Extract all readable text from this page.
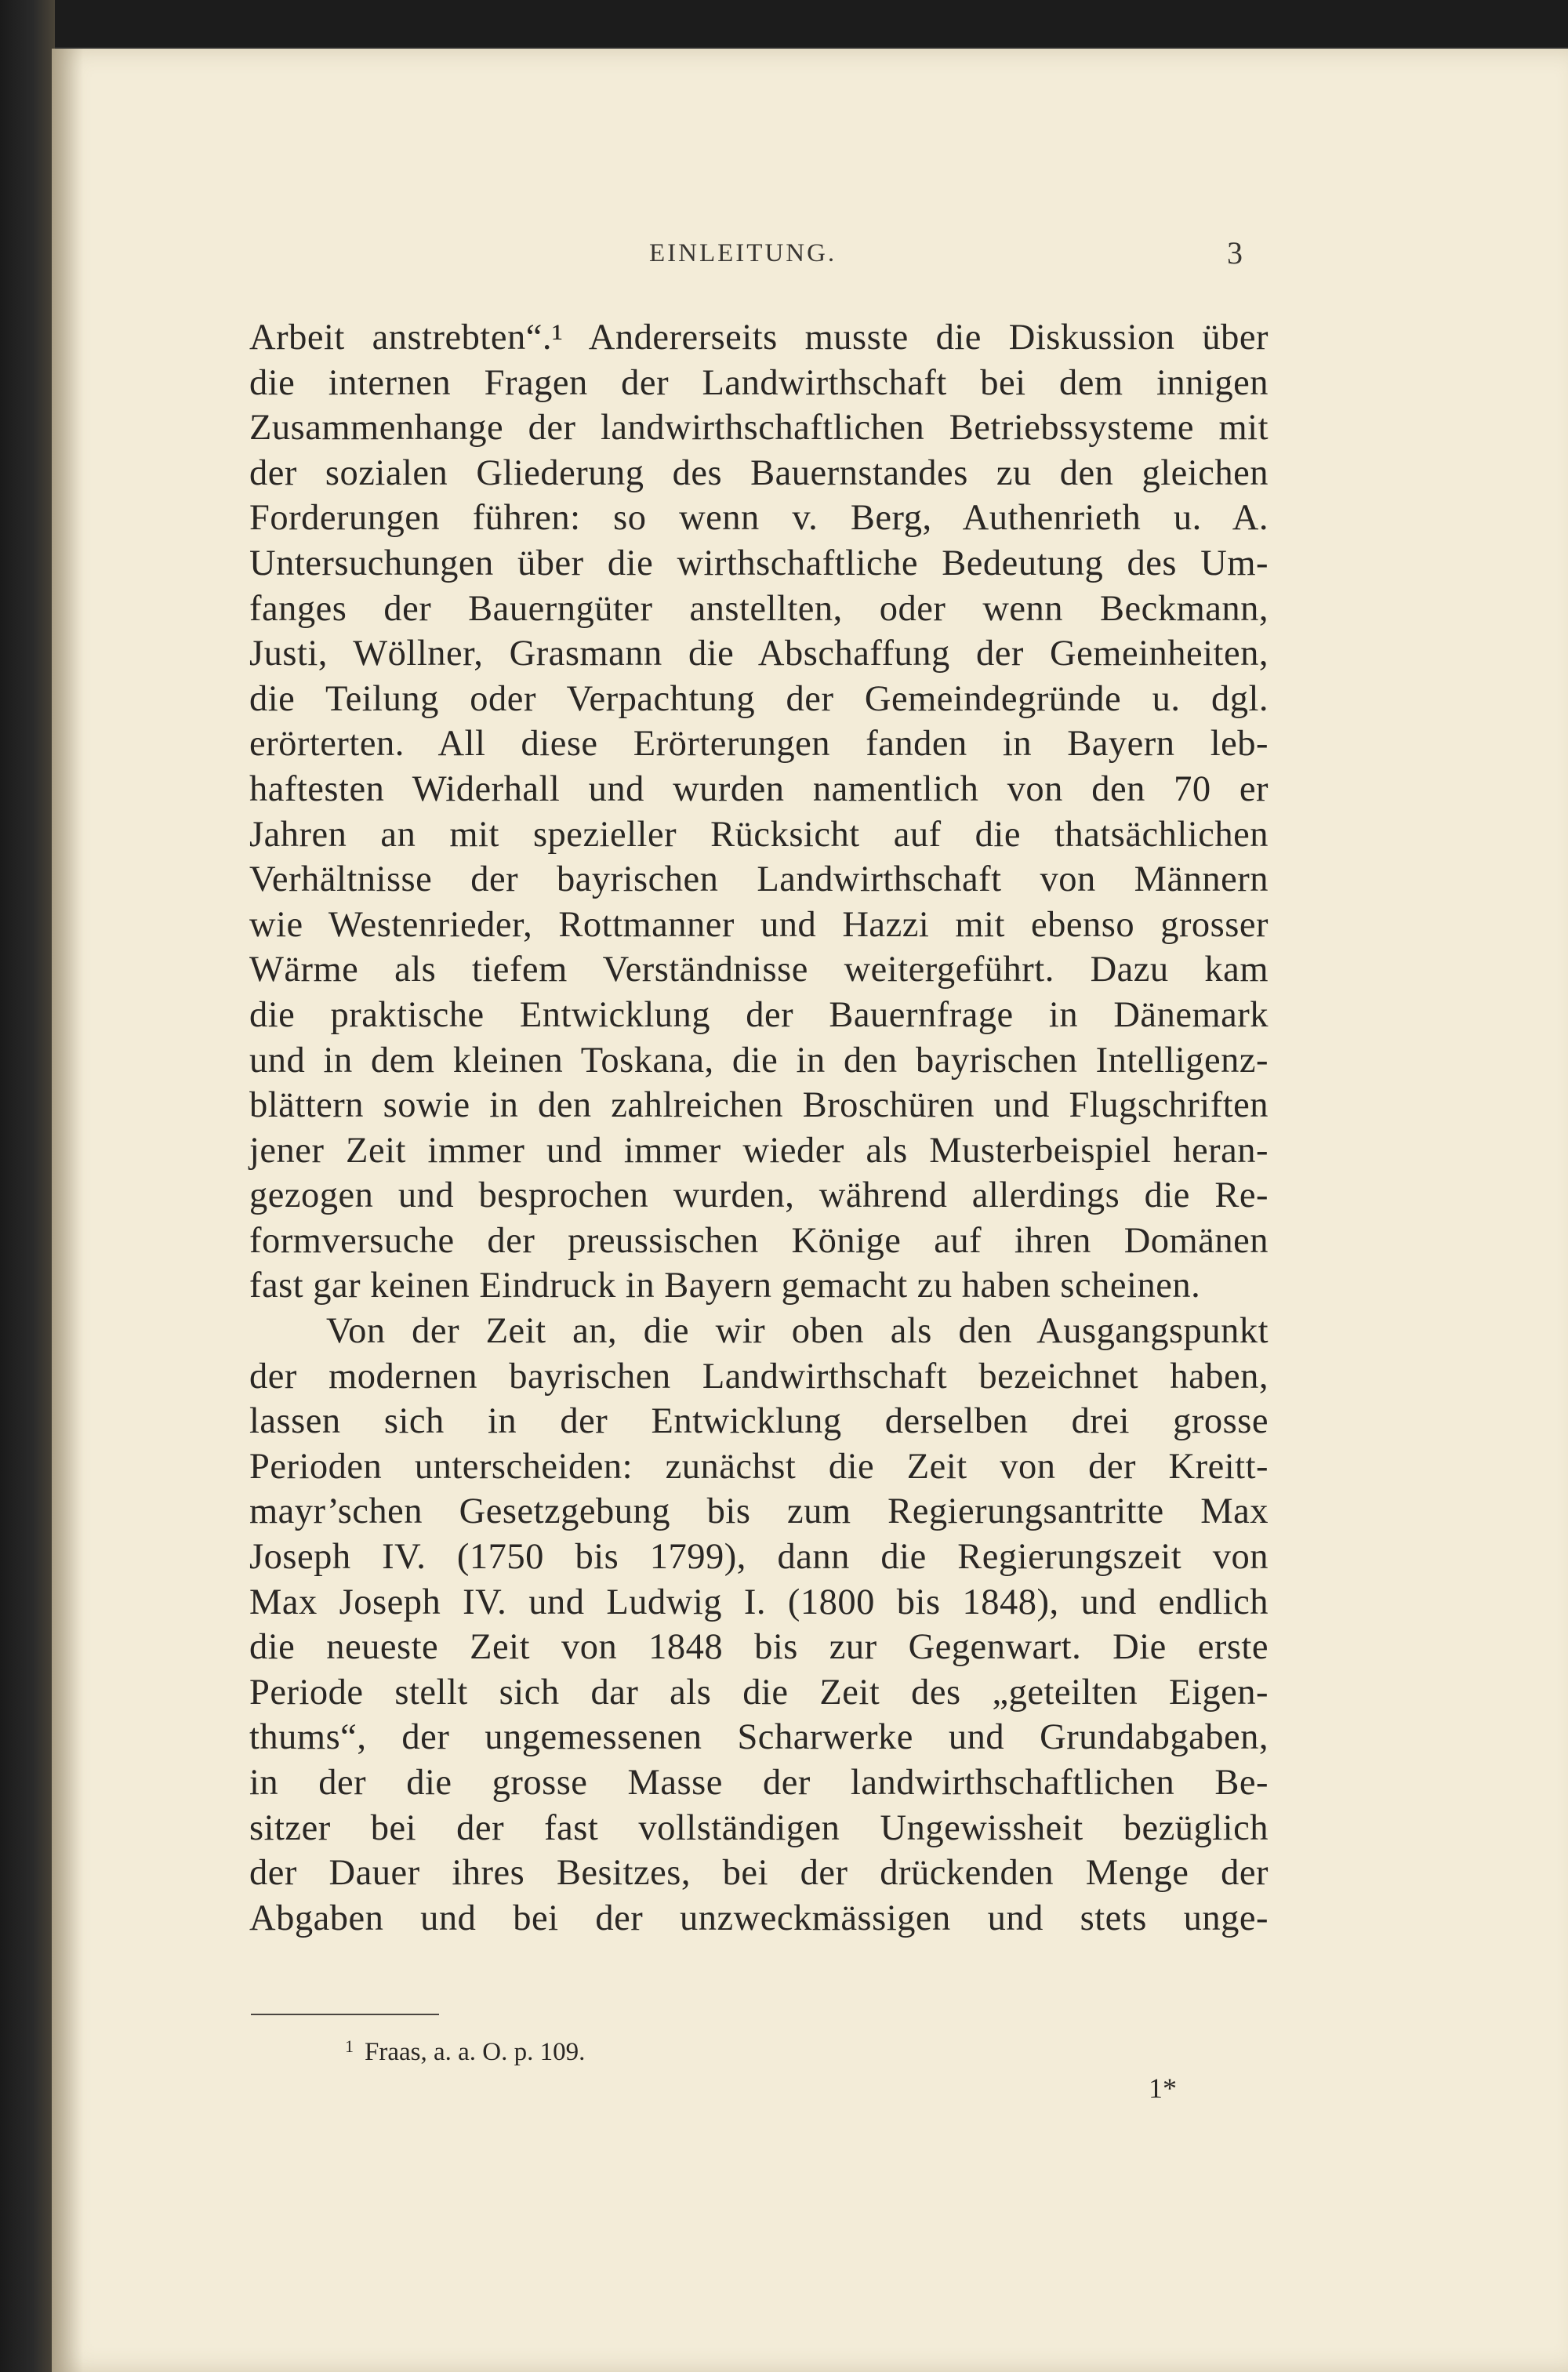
EINLEITUNG.	3
Arbeit anstrebten“.¹ Andererseits musste die Diskussion über
die internen Fragen der Landwirthschaft bei dem innigen
Zusammenhange der landwirthschaftlichen Betriebssysteme mit
der sozialen Gliederung des Bauernstandes zu den gleichen
Forderungen führen: so wenn v. Berg, Authenrieth u. A.
Untersuchungen über die wirthschaftliche Bedeutung des Um-
fanges der Bauerngüter anstellten, oder wenn Beckmann,
Justi, Wöllner, Grasmann die Abschaffung der Gemeinheiten,
die Teilung oder Verpachtung der Gemeindegründe u. dgl.
erörterten. All diese Erörterungen fanden in Bayern leb-
haftesten Widerhall und wurden namentlich von den 70 er
Jahren an mit spezieller Rücksicht auf die thatsächlichen
Verhältnisse der bayrischen Landwirthschaft von Männern
wie Westenrieder, Rottmanner und Hazzi mit ebenso grosser
Wärme als tiefem Verständnisse weitergeführt. Dazu kam
die praktische Entwicklung der Bauernfrage in Dänemark
und in dem kleinen Toskana, die in den bayrischen Intelligenz-
blättern sowie in den zahlreichen Broschüren und Flugschriften
jener Zeit immer und immer wieder als Musterbeispiel heran-
gezogen und besprochen wurden, während allerdings die Re-
formversuche der preussischen Könige auf ihren Domänen
fast gar keinen Eindruck in Bayern gemacht zu haben scheinen.
Von der Zeit an, die wir oben als den Ausgangspunkt
der modernen bayrischen Landwirthschaft bezeichnet haben,
lassen sich in der Entwicklung derselben drei grosse
Perioden unterscheiden: zunächst die Zeit von der Kreitt-
mayr’schen Gesetzgebung bis zum Regierungsantritte Max
Joseph IV. (1750 bis 1799), dann die Regierungszeit von
Max Joseph IV. und Ludwig I. (1800 bis 1848), und endlich
die neueste Zeit von 1848 bis zur Gegenwart. Die erste
Periode stellt sich dar als die Zeit des „geteilten Eigen-
thums“, der ungemessenen Scharwerke und Grundabgaben,
in der die grosse Masse der landwirthschaftlichen Be-
sitzer bei der fast vollständigen Ungewissheit bezüglich
der Dauer ihres Besitzes, bei der drückenden Menge der
Abgaben und bei der unzweckmässigen und stets unge-
$^1$ Fraas, a. a. O. p. 109.
1*
